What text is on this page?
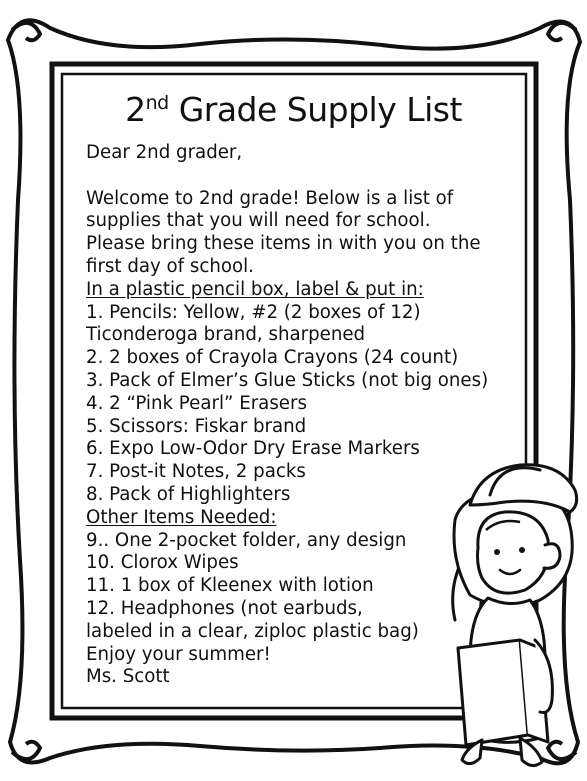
2nd Grade Supply List
Dear 2nd grader,
Welcome to 2nd grade! Below is a list of
supplies that you will need for school.
Please bring these items in with you on the
first day of school.
In a plastic pencil box, label & put in:
1. Pencils: Yellow, #2 (2 boxes of 12)
Ticonderoga brand, sharpened
2. 2 boxes of Crayola Crayons (24 count)
3. Pack of Elmer’s Glue Sticks (not big ones)
4. 2 “Pink Pearl” Erasers
5. Scissors: Fiskar brand
6. Expo Low-Odor Dry Erase Markers
7. Post-it Notes, 2 packs
8. Pack of Highlighters
Other Items Needed:
9.. One 2-pocket folder, any design
10. Clorox Wipes
11. 1 box of Kleenex with lotion
12. Headphones (not earbuds,
labeled in a clear, ziploc plastic bag)
Enjoy your summer!
Ms. Scott
